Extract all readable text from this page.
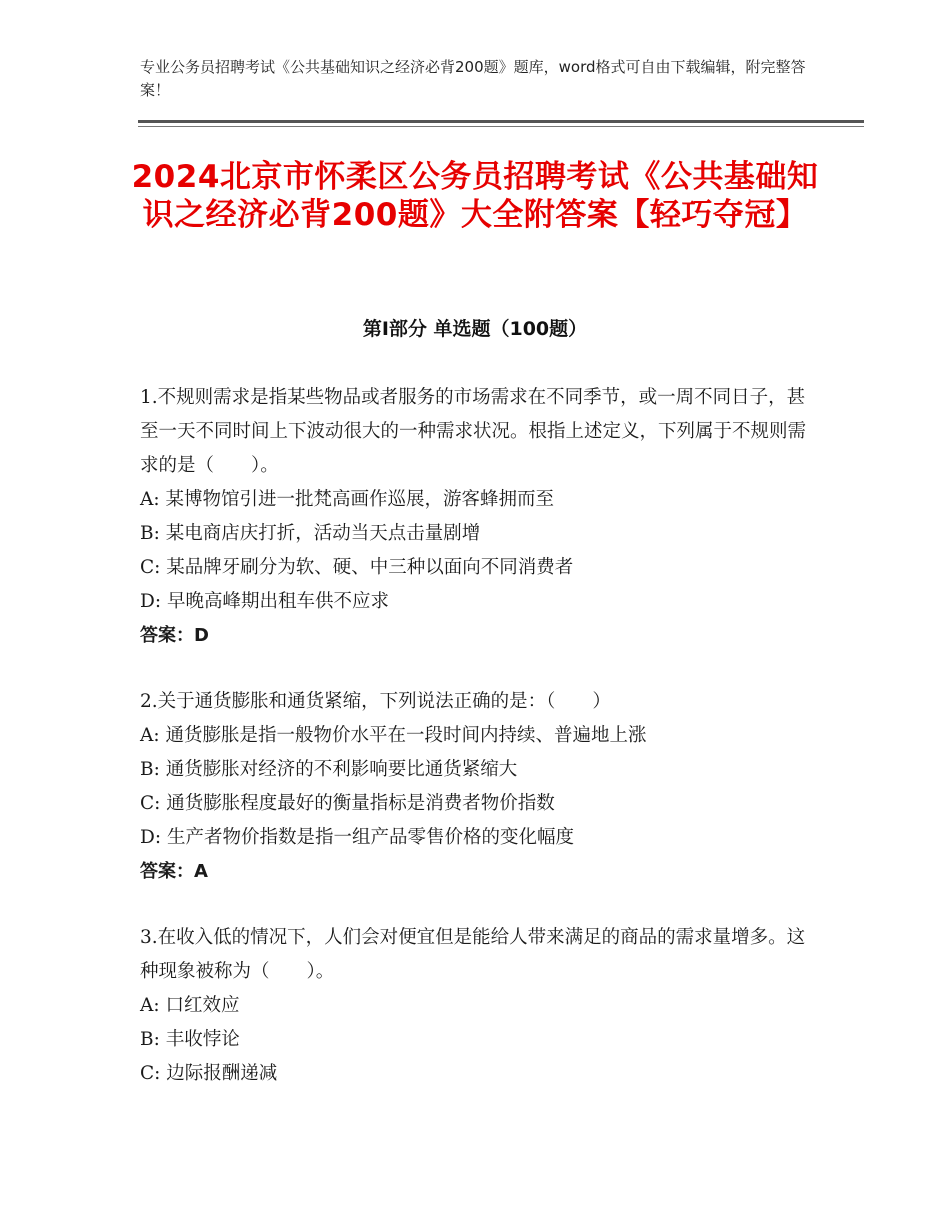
专业公务员招聘考试《公共基础知识之经济必背200题》题库，word格式可自由下载编辑，附完整答案！
2024北京市怀柔区公务员招聘考试《公共基础知识之经济必背200题》大全附答案【轻巧夺冠】
第Ⅰ部分 单选题（100题）

1.不规则需求是指某些物品或者服务的市场需求在不同季节，或一周不同日子，甚至一天不同时间上下波动很大的一种需求状况。根指上述定义，下列属于不规则需求的是（　　）。

A: 某博物馆引进一批梵高画作巡展，游客蜂拥而至

B: 某电商店庆打折，活动当天点击量剧增

C: 某品牌牙刷分为软、硬、中三种以面向不同消费者

D: 早晚高峰期出租车供不应求

答案：D

2.关于通货膨胀和通货紧缩，下列说法正确的是：（　　）

A: 通货膨胀是指一般物价水平在一段时间内持续、普遍地上涨

B: 通货膨胀对经济的不利影响要比通货紧缩大

C: 通货膨胀程度最好的衡量指标是消费者物价指数

D: 生产者物价指数是指一组产品零售价格的变化幅度

答案：A

3.在收入低的情况下，人们会对便宜但是能给人带来满足的商品的需求量增多。这种现象被称为（　　）。

A: 口红效应

B: 丰收悖论

C: 边际报酬递减
